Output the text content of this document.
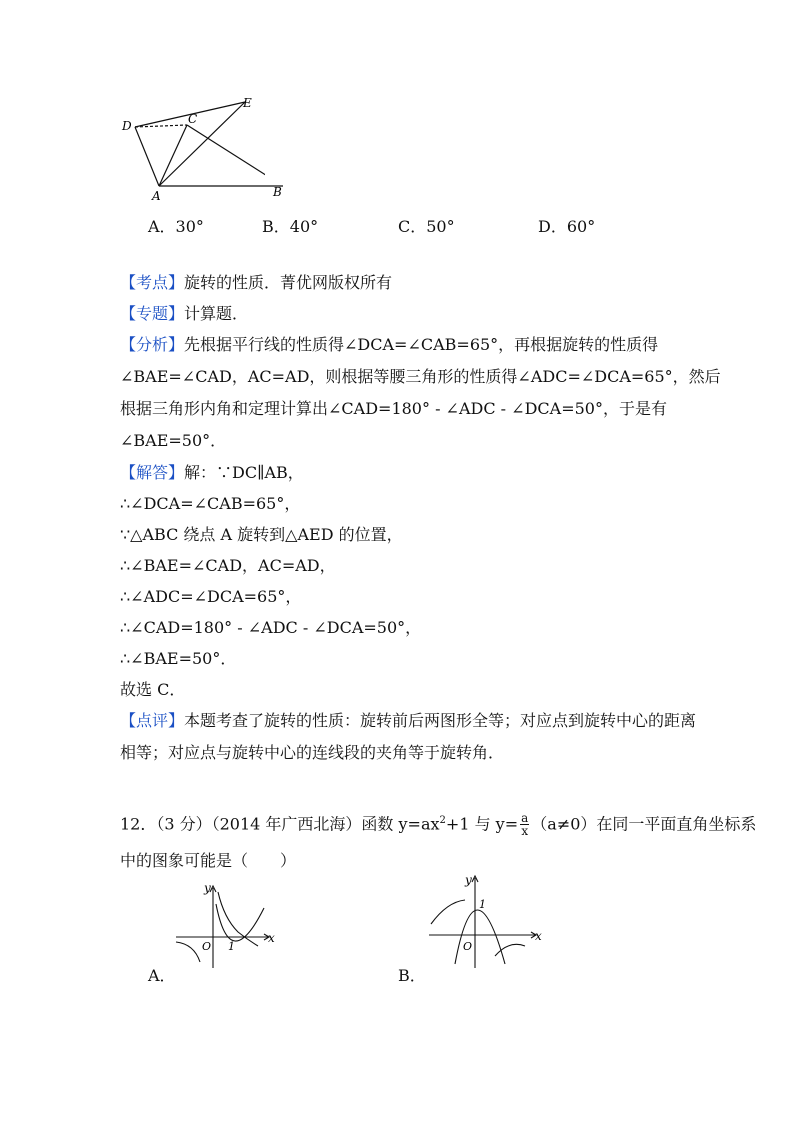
D	C
E
A	B
A．30°	B．40°	C．50°	D．60°
【考点】旋转的性质．菁优网版权所有
【专题】计算题．
【分析】先根据平行线的性质得∠DCA=∠CAB=65°，再根据旋转的性质得
∠BAE=∠CAD，AC=AD，则根据等腰三角形的性质得∠ADC=∠DCA=65°，然后
根据三角形内角和定理计算出∠CAD=180° - ∠ADC - ∠DCA=50°，于是有
∠BAE=50°．
【解答】解：∵DC∥AB，
∴∠DCA=∠CAB=65°，
∵△ABC 绕点 A 旋转到△AED 的位置，
∴∠BAE=∠CAD，AC=AD，
∴∠ADC=∠DCA=65°，
∴∠CAD=180° - ∠ADC - ∠DCA=50°，
∴∠BAE=50°．
故选 C．
【点评】本题考查了旋转的性质：旋转前后两图形全等；对应点到旋转中心的距离
相等；对应点与旋转中心的连线段的夹角等于旋转角．
12．（3 分）（2014 年广西北海）函数 $y=ax^2+1$ 与 $y= \frac{a}{x} (a\ne 0)$在同一平面直角坐标系
中的图象可能是（　　）
y
x
O 1
A．
y
x
O
1
B．
